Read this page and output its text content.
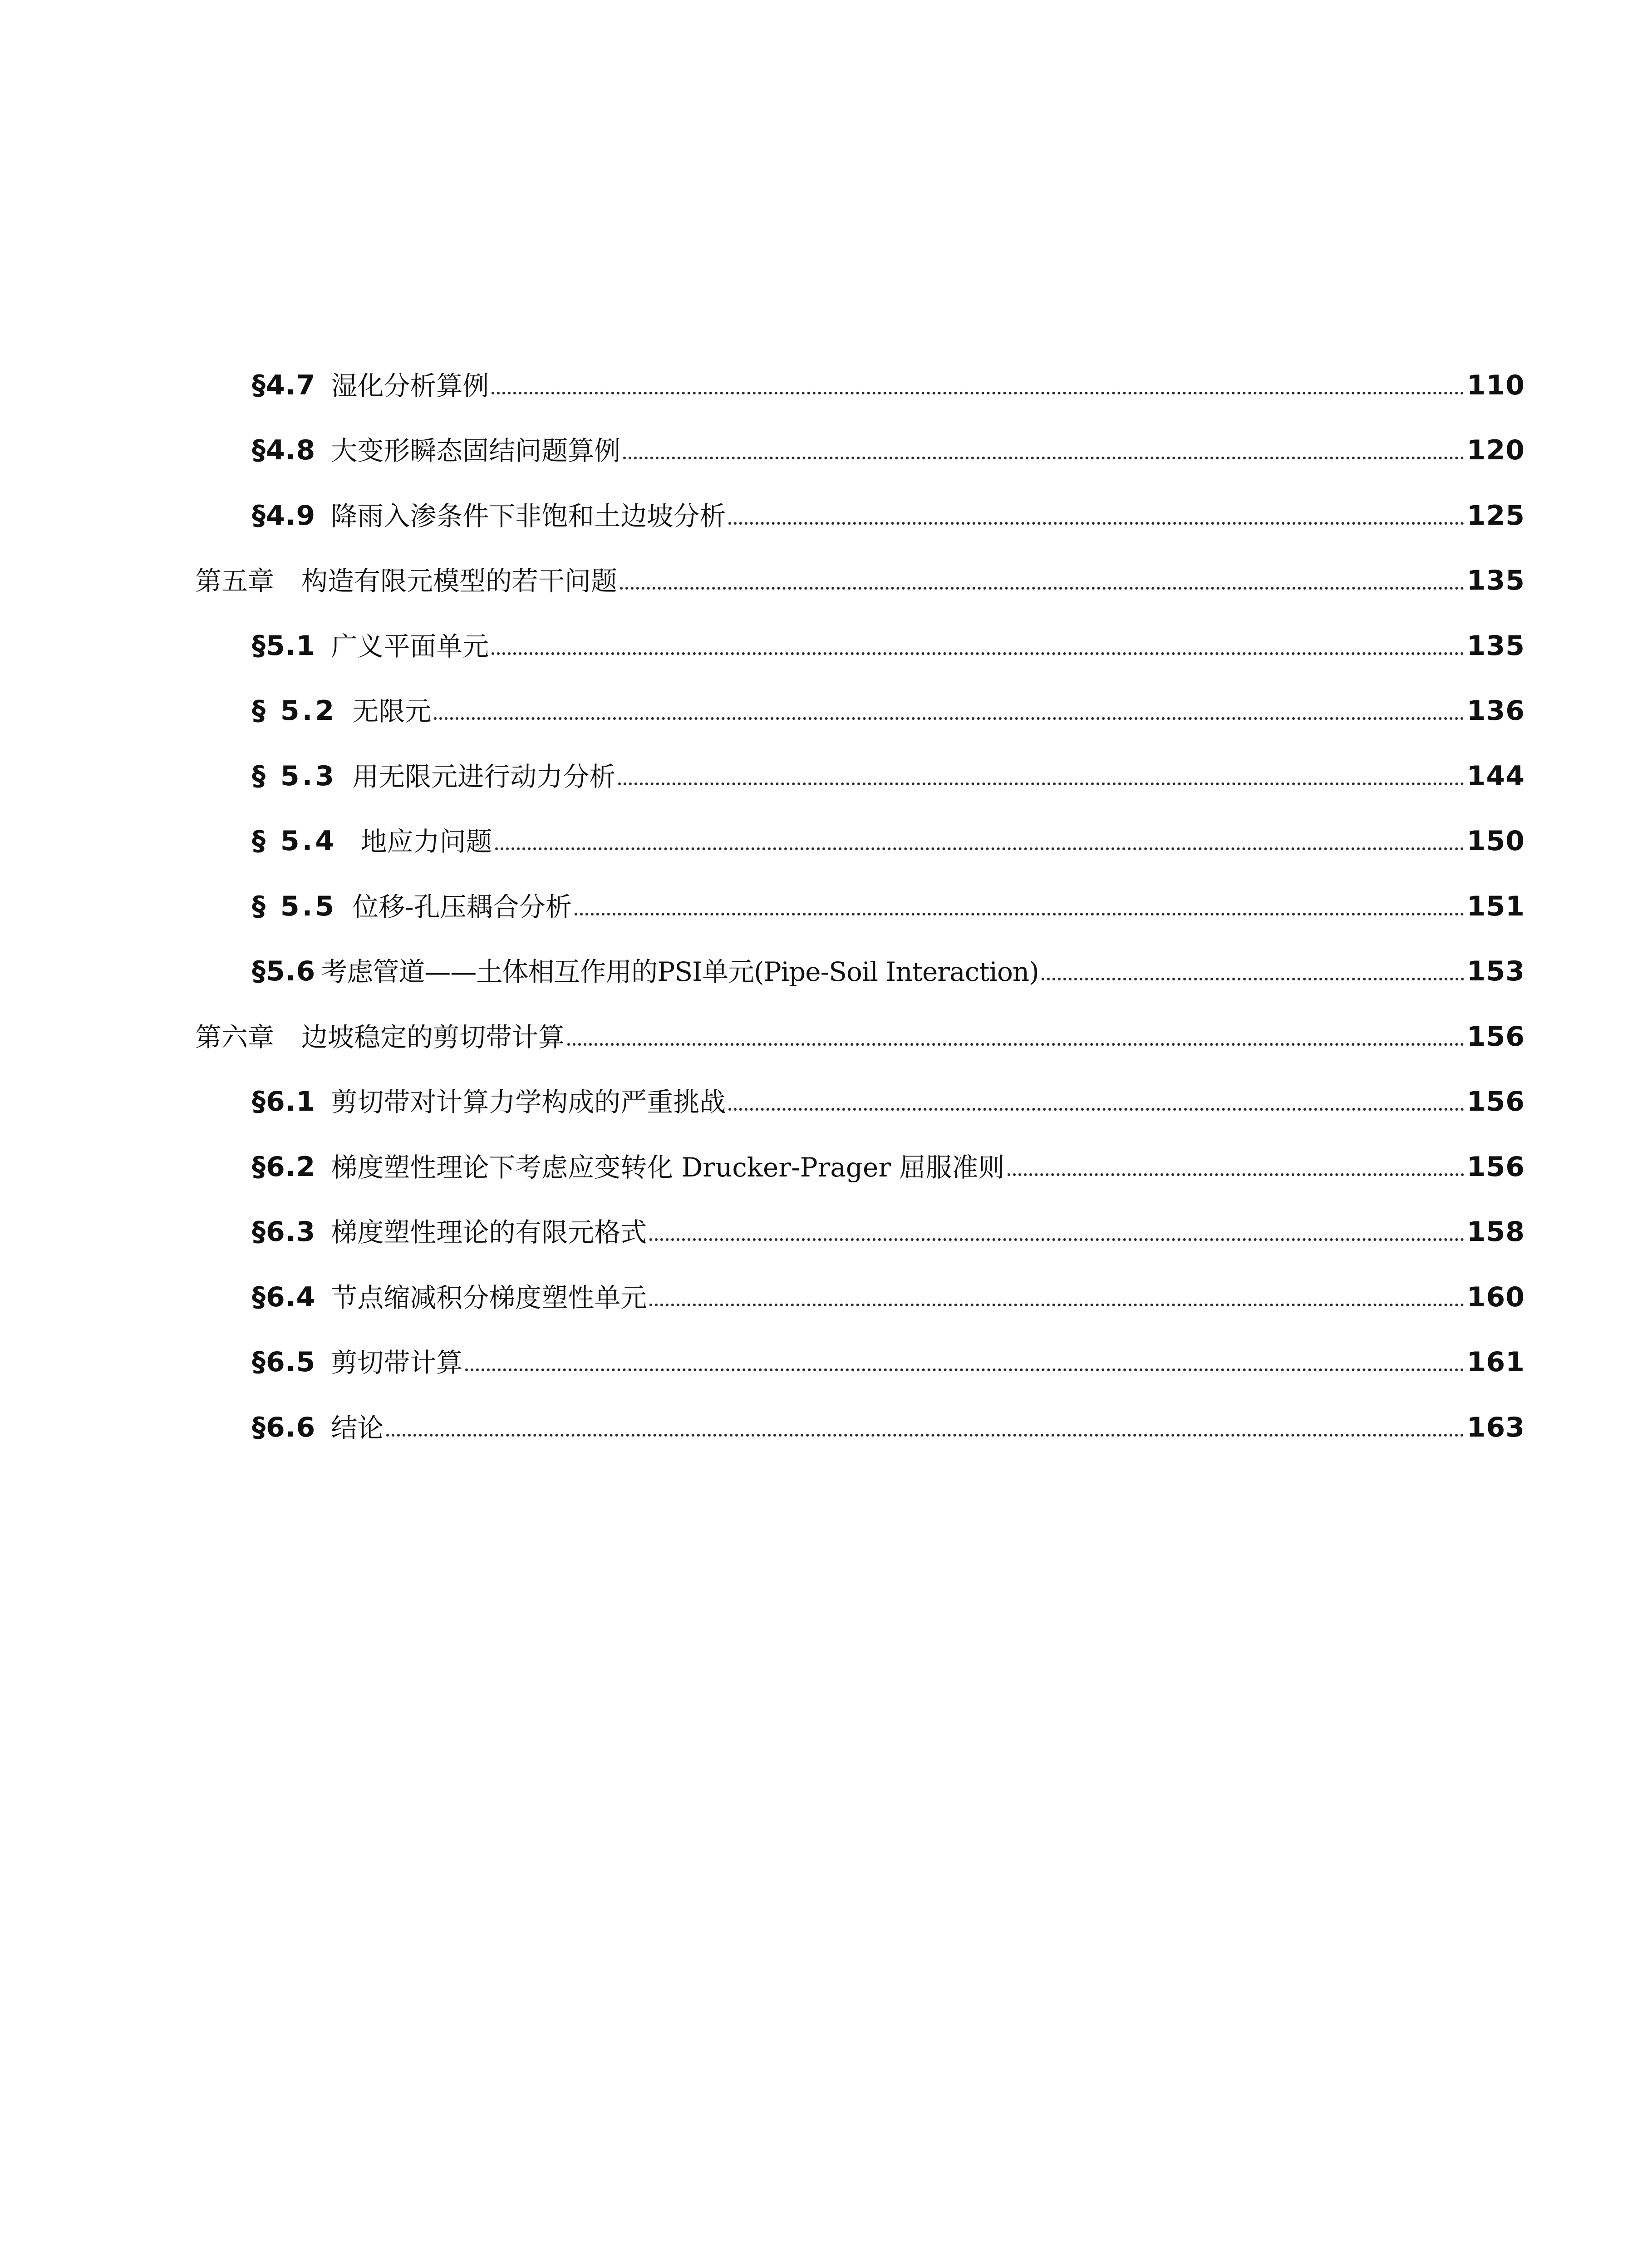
§4.7 湿化分析算例	110
§4.8 大变形瞬态固结问题算例	120
§4.9 降雨入渗条件下非饱和土边坡分析	125
第五章 构造有限元模型的若干问题	135
§5.1 广义平面单元	135
§ 5.2 无限元	136
§ 5.3 用无限元进行动力分析	144
§ 5.4 地应力问题	150
§ 5.5 位移-孔压耦合分析	151
§5.6 考虑管道——土体相互作用的PSI单元(Pipe-Soil Interaction)	153
第六章 边坡稳定的剪切带计算	156
§6.1 剪切带对计算力学构成的严重挑战	156
§6.2 梯度塑性理论下考虑应变转化 Drucker-Prager 屈服准则	156
§6.3 梯度塑性理论的有限元格式	158
§6.4 节点缩减积分梯度塑性单元	160
§6.5 剪切带计算	161
§6.6 结论	163
